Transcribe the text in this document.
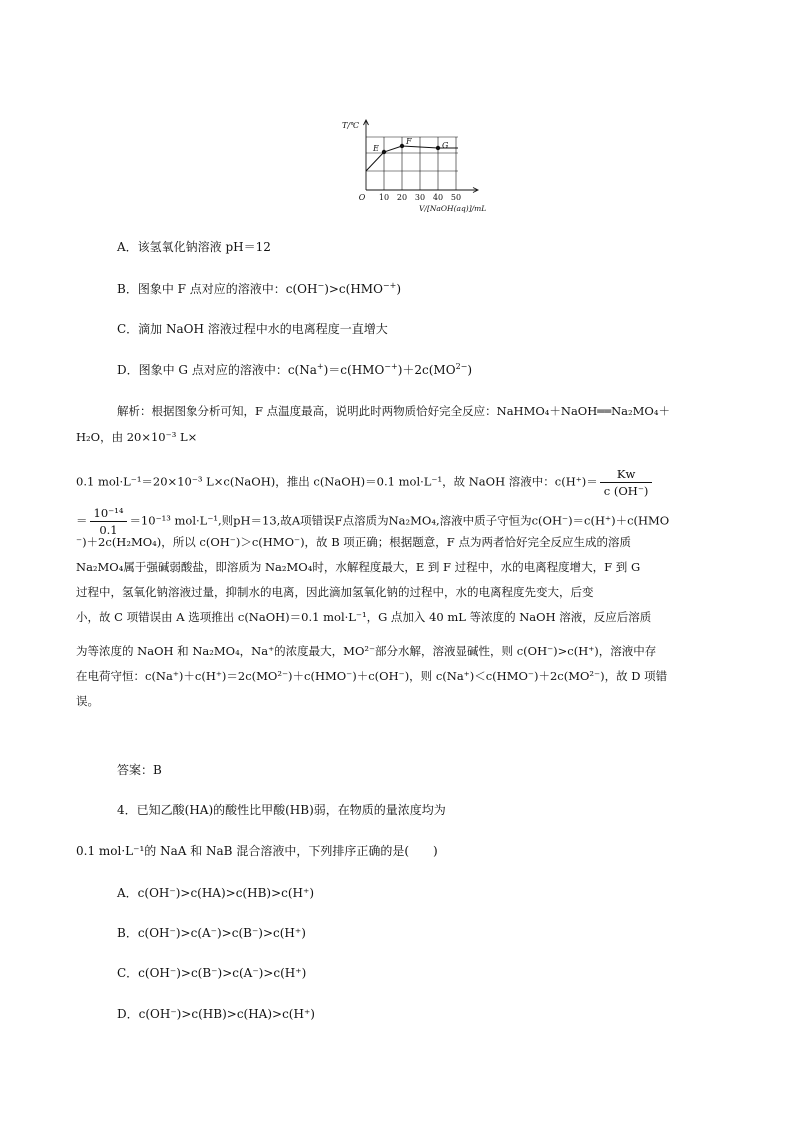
T/℃
E
F	G
O 10 20 30 40 50
V/[NaOH(aq)]/mL
A．该氢氧化钠溶液 pH＝12
B．图象中 F 点对应的溶液中：c(OH−)>c(HMO−+)
C．滴加 NaOH 溶液过程中水的电离程度一直增大
D．图象中 G 点对应的溶液中：$c(Na^+)=c(HMO^{-+})+2c(MO^{2-})$
解析：根据图象分析可知，F 点温度最高，说明此时两物质恰好完全反应：NaHMO₄＋NaOH══Na₂MO₄＋
H₂O，由 20×10⁻³ L×
0.1 mol·L⁻¹＝20×10⁻³ L×c(NaOH)，推出 c(NaOH)＝0.1 mol·L⁻¹，故 NaOH 溶液中：$c(H^+)= \frac{Kw}{c (OH^-)}$
＝ $\frac{\text{10⁻¹⁴}}{0.1} =10^{-13}$ mol·L⁻¹,则pH＝13,故A项错误F点溶质为Na₂MO₄,溶液中质子守恒为c(OH⁻)＝c(H⁺)＋c(HMO
⁻)＋2c(H₂MO₄)，所以 c(OH⁻)＞c(HMO⁻)，故 B 项正确；根据题意，F 点为两者恰好完全反应生成的溶质
Na₂MO₄属于强碱弱酸盐，即溶质为 Na₂MO₄时，水解程度最大，E 到 F 过程中，水的电离程度增大，F 到 G
过程中，氢氧化钠溶液过量，抑制水的电离，因此滴加氢氧化钠的过程中，水的电离程度先变大，后变
小，故 C 项错误由 A 选项推出 c(NaOH)＝0.1 mol·L⁻¹，G 点加入 40 mL 等浓度的 NaOH 溶液，反应后溶质
为等浓度的 NaOH 和 Na₂MO₄，Na⁺的浓度最大，MO²⁻部分水解，溶液显碱性，则 c(OH⁻)>c(H⁺)，溶液中存
在电荷守恒：c(Na⁺)＋c(H⁺)＝2c(MO²⁻)＋c(HMO⁻)＋c(OH⁻)，则 c(Na⁺)＜c(HMO⁻)＋2c(MO²⁻)，故 D 项错
误。
答案：B
4．已知乙酸(HA)的酸性比甲酸(HB)弱，在物质的量浓度均为
0.1 mol·L⁻¹的 NaA 和 NaB 混合溶液中，下列排序正确的是(　　)
A．c(OH⁻)>c(HA)>c(HB)>c(H⁺)
B．c(OH⁻)>c(A⁻)>c(B⁻)>c(H⁺)
C．c(OH⁻)>c(B⁻)>c(A⁻)>c(H⁺)
D．c(OH⁻)>c(HB)>c(HA)>c(H⁺)
